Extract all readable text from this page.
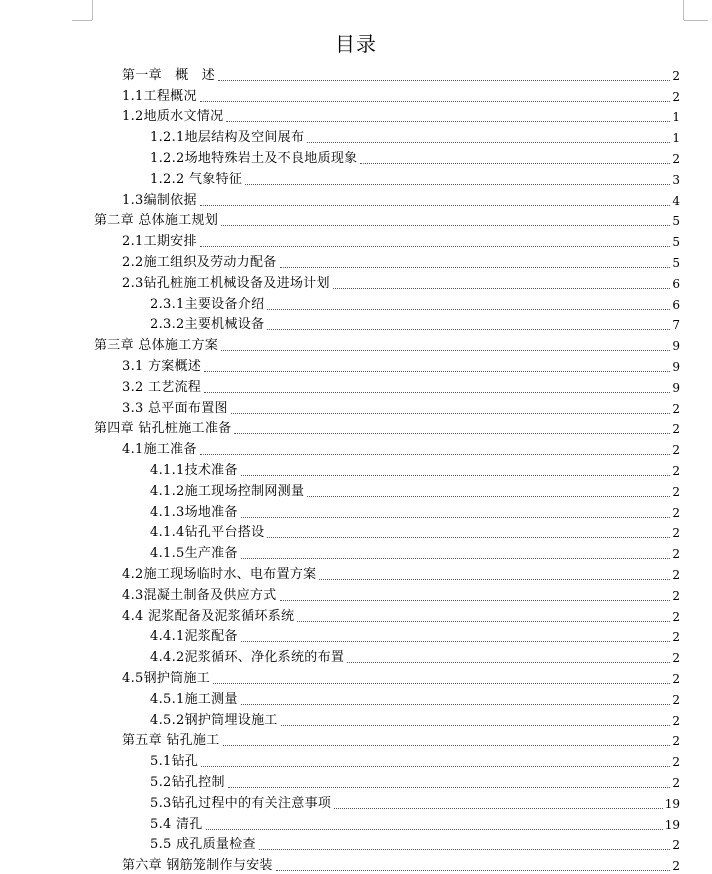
目录
第一章　概　述	2
1.1工程概况	2
1.2地质水文情况	1
1.2.1地层结构及空间展布	1
1.2.2场地特殊岩土及不良地质现象	2
1.2.2 气象特征	3
1.3编制依据	4
第二章 总体施工规划	5
2.1工期安排	5
2.2施工组织及劳动力配备	5
2.3钻孔桩施工机械设备及进场计划	6
2.3.1主要设备介绍	6
2.3.2主要机械设备	7
第三章 总体施工方案	9
3.1 方案概述	9
3.2 工艺流程	9
3.3 总平面布置图	2
第四章 钻孔桩施工准备	2
4.1施工准备	2
4.1.1技术准备	2
4.1.2施工现场控制网测量	2
4.1.3场地准备	2
4.1.4钻孔平台搭设	2
4.1.5生产准备	2
4.2施工现场临时水、电布置方案	2
4.3混凝土制备及供应方式	2
4.4 泥浆配备及泥浆循环系统	2
4.4.1泥浆配备	2
4.4.2泥浆循环、净化系统的布置	2
4.5钢护筒施工	2
4.5.1施工测量	2
4.5.2钢护筒埋设施工	2
第五章 钻孔施工	2
5.1钻孔	2
5.2钻孔控制	2
5.3钻孔过程中的有关注意事项	19
5.4 清孔	19
5.5 成孔质量检查	2
第六章 钢筋笼制作与安装	2
